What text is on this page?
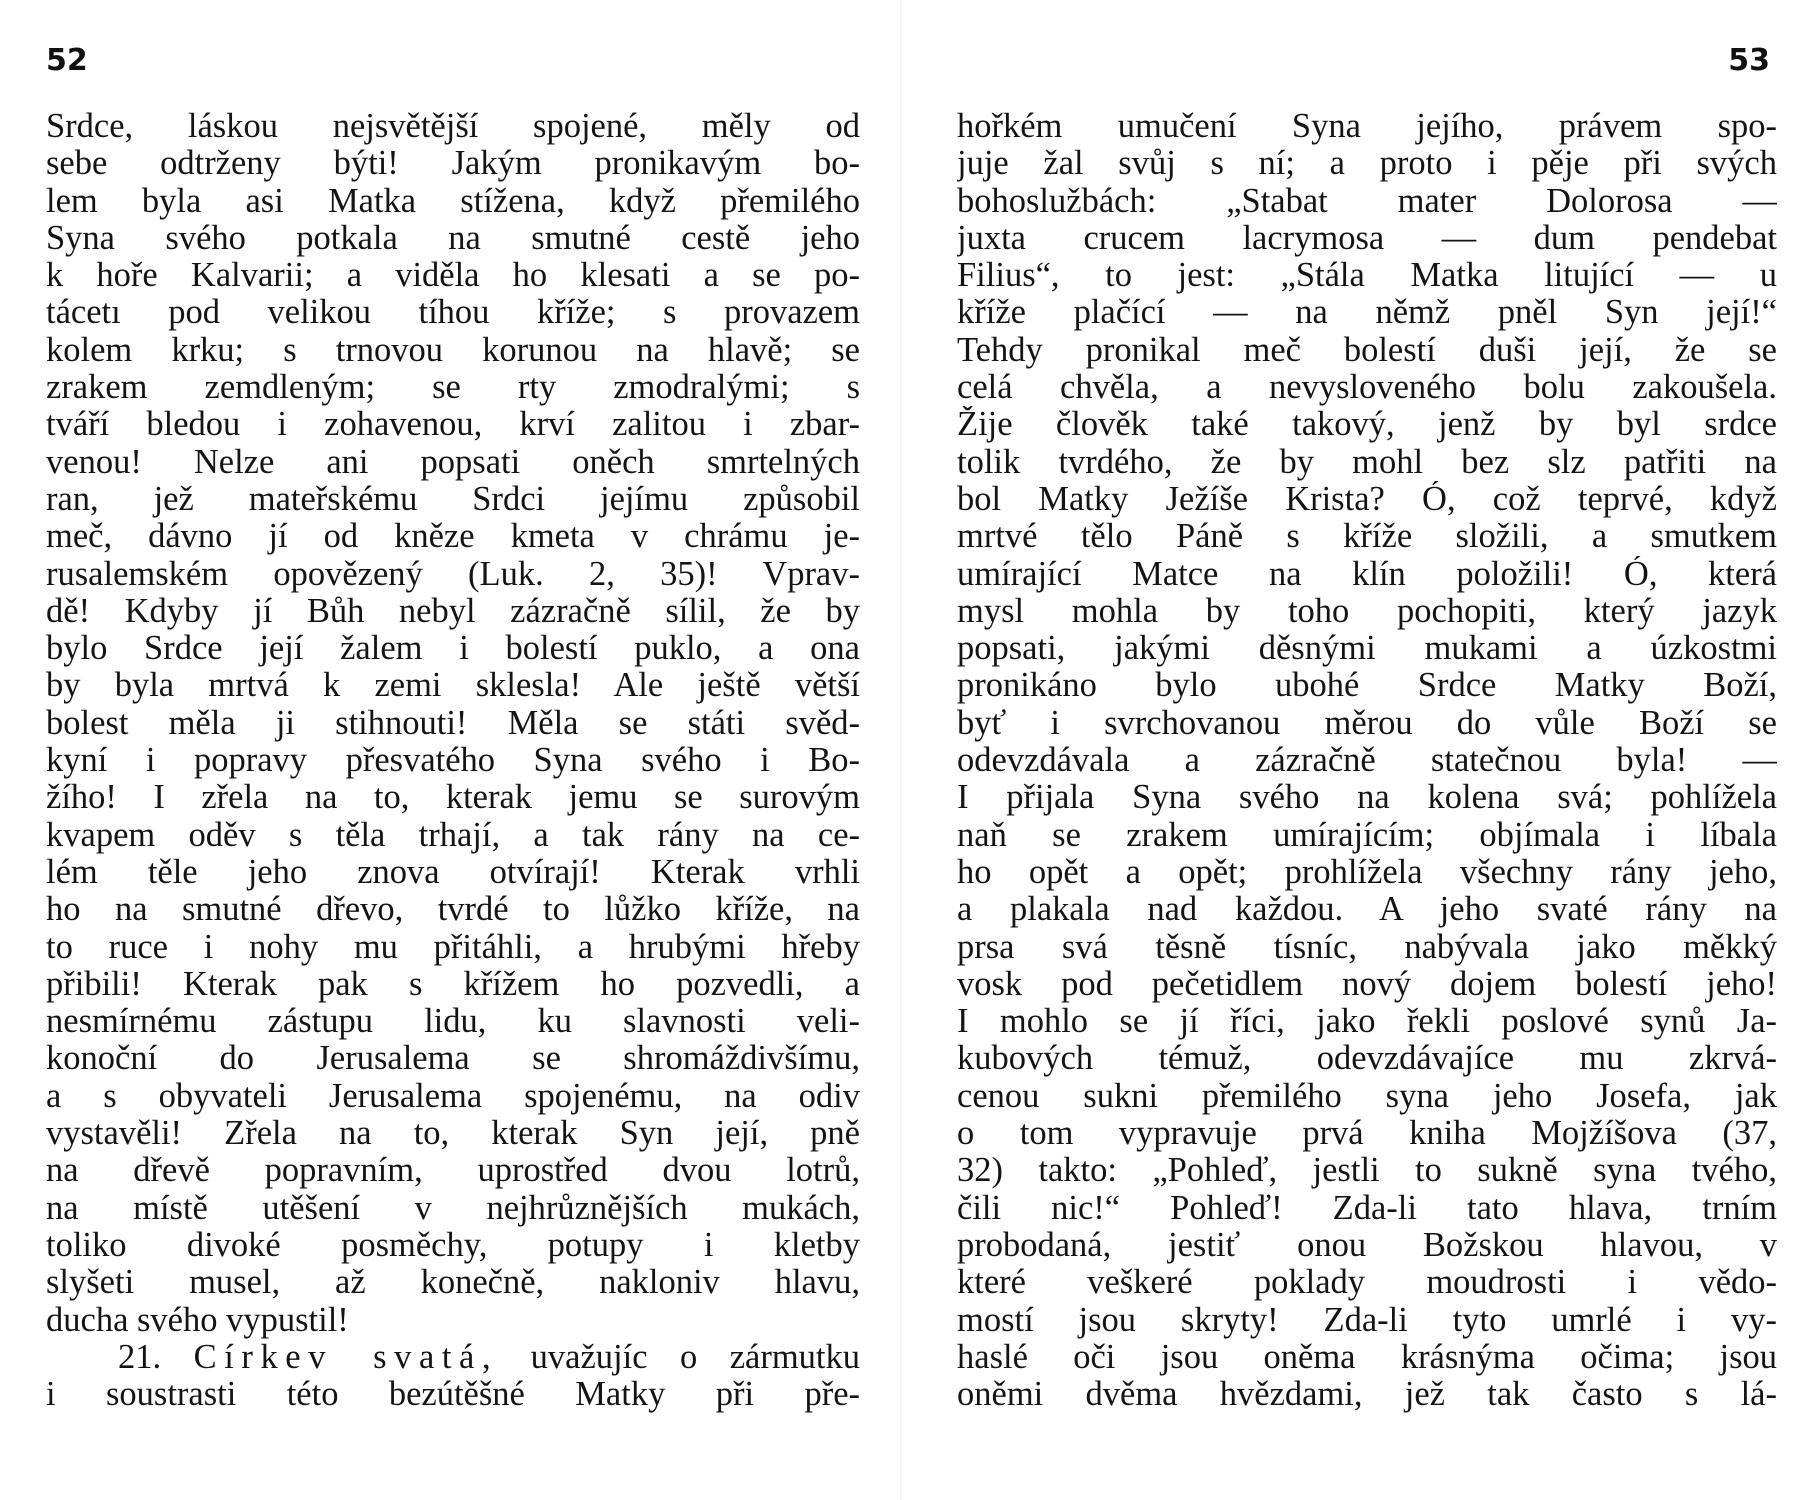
52
Srdce, láskou nejsvětější spojené, měly od
sebe odtrženy býti! Jakým pronikavým bo-
lem byla asi Matka stížena, když přemilého
Syna svého potkala na smutné cestě jeho
k hoře Kalvarii; a viděla ho klesati a se po-
tácetı pod velikou tíhou kříže; s provazem
kolem krku; s trnovou korunou na hlavě; se
zrakem zemdleným; se rty zmodralými; s
tváří bledou i zohavenou, krví zalitou i zbar-
venou! Nelze ani popsati oněch smrtelných
ran, jež mateřskému Srdci jejímu způsobil
meč, dávno jí od kněze kmeta v chrámu je-
rusalemském opovězený (Luk. 2, 35)! Vprav-
dě! Kdyby jí Bůh nebyl zázračně sílil, že by
bylo Srdce její žalem i bolestí puklo, a ona
by byla mrtvá k zemi sklesla! Ale ještě větší
bolest měla ji stihnouti! Měla se státi svěd-
kyní i popravy přesvatého Syna svého i Bo-
žího! I zřela na to, kterak jemu se surovým
kvapem oděv s těla trhají, a tak rány na ce-
lém těle jeho znova otvírají! Kterak vrhli
ho na smutné dřevo, tvrdé to lůžko kříže, na
to ruce i nohy mu přitáhli, a hrubými hřeby
přibili! Kterak pak s křížem ho pozvedli, a
nesmírnému zástupu lidu, ku slavnosti veli-
konoční do Jerusalema se shromáždivšímu,
a s obyvateli Jerusalema spojenému, na odiv
vystavěli! Zřela na to, kterak Syn její, pně
na dřevě popravním, uprostřed dvou lotrů,
na místě utěšení v nejhrůznějších mukách,
toliko divoké posměchy, potupy i kletby
slyšeti musel, až konečně, nakloniv hlavu,
ducha svého vypustil!
21. Církev svatá, uvažujíc o zármutku
i soustrasti této bezútěšné Matky při pře-
53
hořkém umučení Syna jejího, právem spo-
juje žal svůj s ní; a proto i pěje při svých
bohoslužbách: „Stabat mater Dolorosa —
juxta crucem lacrymosa — dum pendebat
Filius“, to jest: „Stála Matka litující — u
kříže plačící — na němž pněl Syn její!“
Tehdy pronikal meč bolestí duši její, že se
celá chvěla, a nevysloveného bolu zakoušela.
Žije člověk také takový, jenž by byl srdce
tolik tvrdého, že by mohl bez slz patřiti na
bol Matky Ježíše Krista? Ó, což teprvé, když
mrtvé tělo Páně s kříže složili, a smutkem
umírající Matce na klín položili! Ó, která
mysl mohla by toho pochopiti, který jazyk
popsati, jakými děsnými mukami a úzkostmi
pronikáno bylo ubohé Srdce Matky Boží,
byť i svrchovanou měrou do vůle Boží se
odevzdávala a zázračně statečnou byla! —
I přijala Syna svého na kolena svá; pohlížela
naň se zrakem umírajícím; objímala i líbala
ho opět a opět; prohlížela všechny rány jeho,
a plakala nad každou. A jeho svaté rány na
prsa svá těsně tísníc, nabývala jako měkký
vosk pod pečetidlem nový dojem bolestí jeho!
I mohlo se jí říci, jako řekli poslové synů Ja-
kubových témuž, odevzdávajíce mu zkrvá-
cenou sukni přemilého syna jeho Josefa, jak
o tom vypravuje prvá kniha Mojžíšova (37,
32) takto: „Pohleď, jestli to sukně syna tvého,
čili nic!“ Pohleď! Zda-li tato hlava, trním
probodaná, jestiť onou Božskou hlavou, v
které veškeré poklady moudrosti i vědo-
mostí jsou skryty! Zda-li tyto umrlé i vy-
haslé oči jsou oněma krásnýma očima; jsou
oněmi dvěma hvězdami, jež tak často s lá-
